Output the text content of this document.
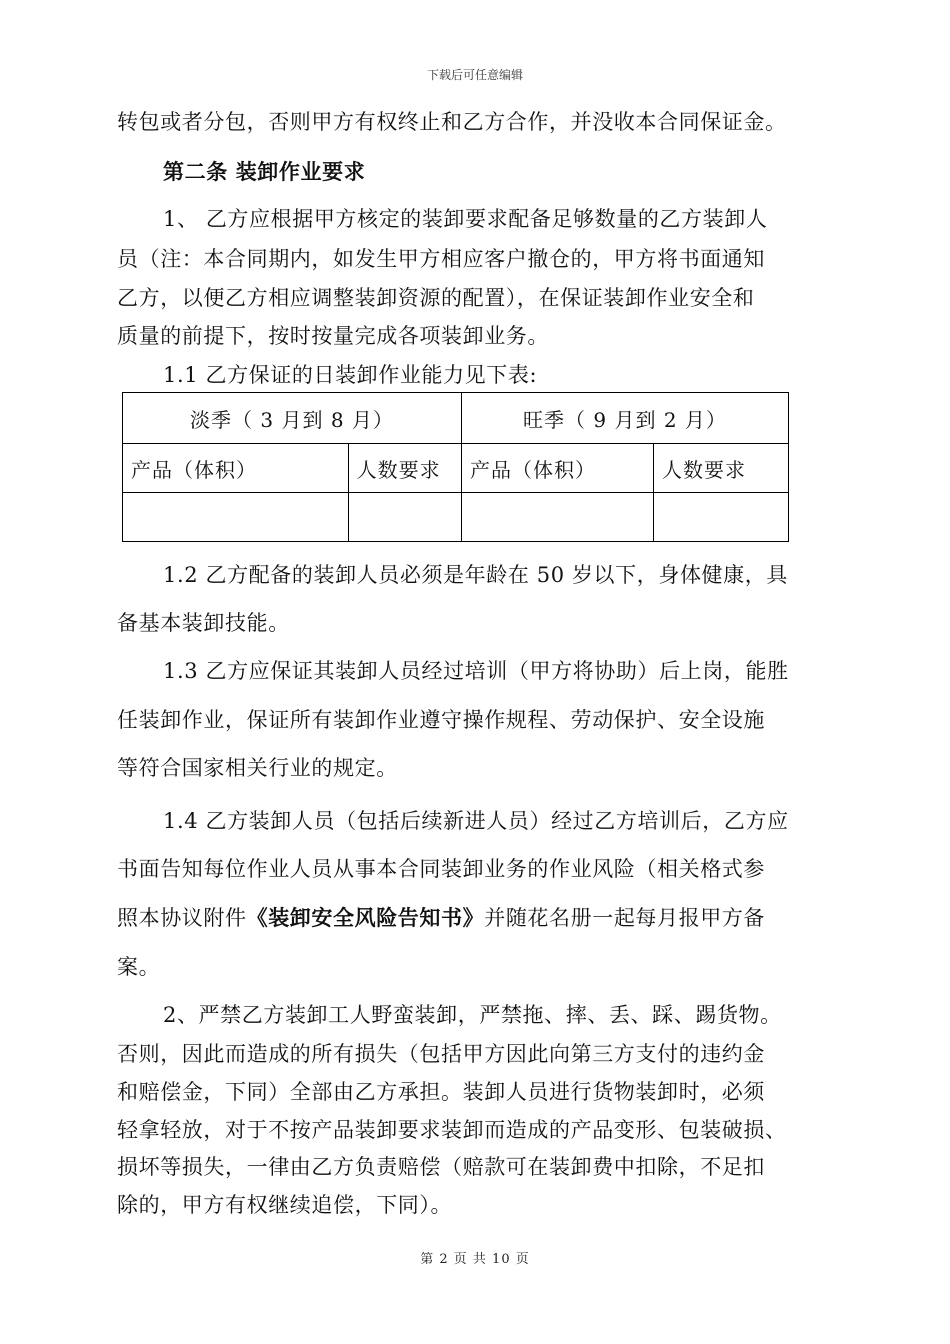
下载后可任意编辑
转包或者分包，否则甲方有权终止和乙方合作，并没收本合同保证金。
第二条 装卸作业要求
1、 乙方应根据甲方核定的装卸要求配备足够数量的乙方装卸人
员（注：本合同期内，如发生甲方相应客户撤仓的，甲方将书面通知
乙方，以便乙方相应调整装卸资源的配置），在保证装卸作业安全和
质量的前提下，按时按量完成各项装卸业务。
1.1 乙方保证的日装卸作业能力见下表:
淡季（ 3 月到 8 月）		旺季（ 9 月到 2 月）	
产品（体积）	人数要求	产品（体积）	人数要求

1.2 乙方配备的装卸人员必须是年龄在 50 岁以下，身体健康，具
备基本装卸技能。
1.3 乙方应保证其装卸人员经过培训（甲方将协助）后上岗，能胜
任装卸作业，保证所有装卸作业遵守操作规程、劳动保护、安全设施
等符合国家相关行业的规定。
1.4 乙方装卸人员（包括后续新进人员）经过乙方培训后，乙方应
书面告知每位作业人员从事本合同装卸业务的作业风险（相关格式参
照本协议附件《装卸安全风险告知书》并随花名册一起每月报甲方备
案。
2、严禁乙方装卸工人野蛮装卸，严禁拖、摔、丢、踩、踢货物。
否则，因此而造成的所有损失（包括甲方因此向第三方支付的违约金
和赔偿金，下同）全部由乙方承担。装卸人员进行货物装卸时，必须
轻拿轻放，对于不按产品装卸要求装卸而造成的产品变形、包装破损、
损坏等损失，一律由乙方负责赔偿（赔款可在装卸费中扣除，不足扣
除的，甲方有权继续追偿，下同）。
第 2 页 共 10 页
